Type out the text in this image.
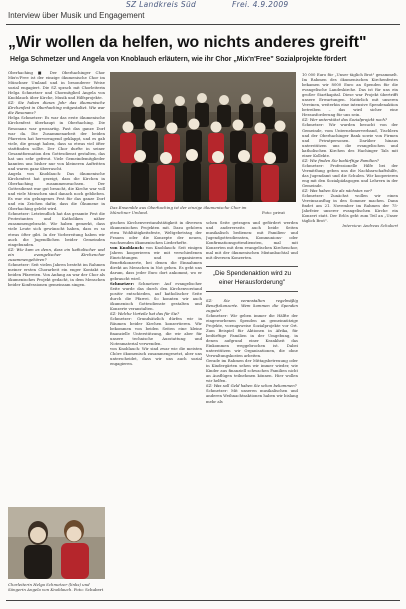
SZ Landkreis Süd	Frei. 4.9.2009
Interview über Musik und Engagement
„Wir wollen da helfen, wo nichts anderes greift"
Helga Schmetzer und Angela von Knoblauch erläutern, wie ihr Chor „Mix'n'Free" Sozialprojekte fördert

Oberhaching ■ Der Oberhachinger Chor Mix'n'Free ist der einzige ökumenische Chor im Münchner Umland und in besonderer Weise sozial engagiert. Die SZ sprach mit Chorleiterin Helga Schmetzer und Chormitglied Angela von Knoblauch über Kirche, Musik und Hilfsprojekte.

SZ: Sie haben dieses Jahr das ökumenische Kirchenfest in Oberhaching mitgestaltet. Wie war die Resonanz?

Helga Schmetzer: Es war das erste ökumenische Kirchenfest überhaupt in Oberhaching. Die Resonanz war grossartig. Fast das ganze Dorf war da. Die Zusammenarbeit der beiden Pfarreien hat hervorragend geklappt, und es gab viele, die gesagt haben, dass so etwas viel öfter stattfinden sollte. Der Chor durfte in seiner Gesamtformation den Gottesdienst gestalten, das hat uns sehr gefreut. Viele Gemeindemitglieder kannten uns bisher nur von kleineren Auftritten und waren ganz überrascht.

Angela von Knoblauch: Das ökumenische Kirchenfest hat gezeigt, dass die Kirchen in Oberhaching zusammenwachsen. Der Gottesdienst war gut besucht, die Kirche war voll und viele Menschen sind danach noch geblieben. Es war ein gelungenes Fest für das ganze Dorf und ein Zeichen dafür, dass die Ökumene in Oberhaching gelebt wird.

Schmetzer: Letztendlich hat das gesamte Fest die Protestanten und Katholiken näher zusammengebracht. Wir haben gemerkt, dass viele Leute sich gewünscht haben, dass es so etwas öfter gibt. In der Vorbereitung haben wir auch die Jugendlichen beider Gemeinden eingebunden.

SZ: Wie kam es denn, dass ein katholischer und ein evangelischer Kirchenchor zusammengehören?

Schmetzer: Seit vielen Jahren besteht im Rahmen meiner ersten Chorarbeit ein enger Kontakt zu beiden Pfarreien. Von Anfang an war der Chor als ökumenisches Projekt gedacht, in dem Menschen beider Konfessionen gemeinsam singen.

Das Ensemble aus Oberhaching ist der einzige ökumenische Chor im Münchner Umland.	Foto: privat

gischen Kirchenverstandstätigkeit in diversen ökumenischen Projekten mit. Dazu gehören etwa Wohltätigkeitsfeste, Weltgebetstag der Frauen oder die Konzepte der neuen, wachsenden ökumenischen Liederhefte.

von Knoblauch: von Knoblauch: Seit einigen Jahren kooperieren wir mit verschiedenen Einrichtungen und organisieren Benefizkonzerte, bei denen die Einnahmen direkt an Menschen in Not gehen. Es geht uns darum, dass jeder Euro dort ankommt, wo er gebraucht wird.

Schmetzer: Schmetzer: Auf evangelischer Seite wurde das durch den Kirchenvorstand positiv entschieden, auf katholischer Seite durch die Pfarrei. So konnten wir auch ökumenisch Gottesdienste gestalten und Konzerte veranstalten.

SZ: Welche Vorteile hat das für Sie?

Schmetzer: Grundsätzlich dürfen wir in Räumen beider Kirchen konzertieren. Wir bekommen von beiden Seiten eine kleine finanzielle Unterstützung, die wir aber für unsere technische Ausstattung und Notenmaterial verwenden.

von Knoblauch: Wir sind zwar wie die meisten Chöre ökumenisch zusammengesetzt, aber uns unterscheidet, dass wir uns auch sozial engagieren.

schen Seite getragen und gefördert werden und andererseits auch beide Seiten musikalisch bedienen: mit Familien- und Jugendgottesdiensten, Kommunions- oder Konfirmationsgottesdiensten, mal mit Konzerten mit dem evangelischen Kirchenchor, mal mit der ökumenischen Mixtanbachtal und mit diversen Konzerten.

„Die Spendenaktion wird zu einer Herausforderung"

SZ: Sie veranstalten regelmäßig Benefizkonzerte. Wem kommen die Spenden zugute?

Schmetzer: Wir geben immer die Hälfte der eingeworbenen Spenden an gemeinnützige Projekte, vorzugsweise Sozialprojekte vor Ort. Zum Beispiel für Aktionen in Afrika, für bedürftige Familien in der Umgebung, in denen aufgrund einer Krankheit das Einkommen weggebrochen ist. Dabei unterstützen wir Organisationen, die ohne Verwaltungskosten arbeiten.

Gerade im Rahmen der Mittagsbetreuung oder in Kindergärten sehen wir immer wieder, wie Kinder aus finanziell schwachen Familien nicht an Ausflügen teilnehmen können. Hier wollen wir helfen.

SZ: Was soll Geld haben Sie schon bekommen?

Schmetzer: Mit unseren musikalischen und anderen Weihnachtsaktionen haben wir bislang mehr als

10 000 Euro für „Unser täglich Brot" gesammelt. Im Rahmen des ökumenischen Kirchenfestes bekamen wir 8000 Euro an Spenden für die evangelische Landeskirche. Das ist für uns ein großer Startkapital. Diese war Projekt übertrifft unsere Erwartungen. Natürlich mit unseren Vereinen, weiterhin eine intensive Spendenaktion betreiben – das wird sicher eine Herausforderung für uns sein.

SZ: Wer unterstützt das Sozialprojekt noch?

Schmetzer: Wir wurden besucht von der Gemeinde, vom Unternehmerverband, Tischlern und der Oberhachinger Bank sowie von Firmen und Privatpersonen. Darüber hinaus unterstützen uns die evangelischen und katholischen Kirchen des Hachinger Tals mit einer Kollekte.

SZ: Wie finden Sie bedürftige Familien?

Schmetzer: Professionelle Hilfe bei der Vermittlung geben uns die Nachbarschaftshilfe, das Jugendamt und die Schulen. Wir kooperieren eng mit den Sozialpädagogen und Lehrern in der Gemeinde.

SZ: Was haben Sie als nächstes vor?

Schmetzer: Zunächst wollen wir einen Vereinsausflug in den Sommer machen. Dann findet am 21. November im Rahmen der 75-Jahrfeier unserer evangelischen Kirche ein Konzert statt. Der Erlös geht zum Teil an „Unser täglich Brot".

Interview: Andreas Schubert

Chorleiterin Helga Schmetzer (links) und Sängerin Angela von Knoblauch. Foto: Schubert
